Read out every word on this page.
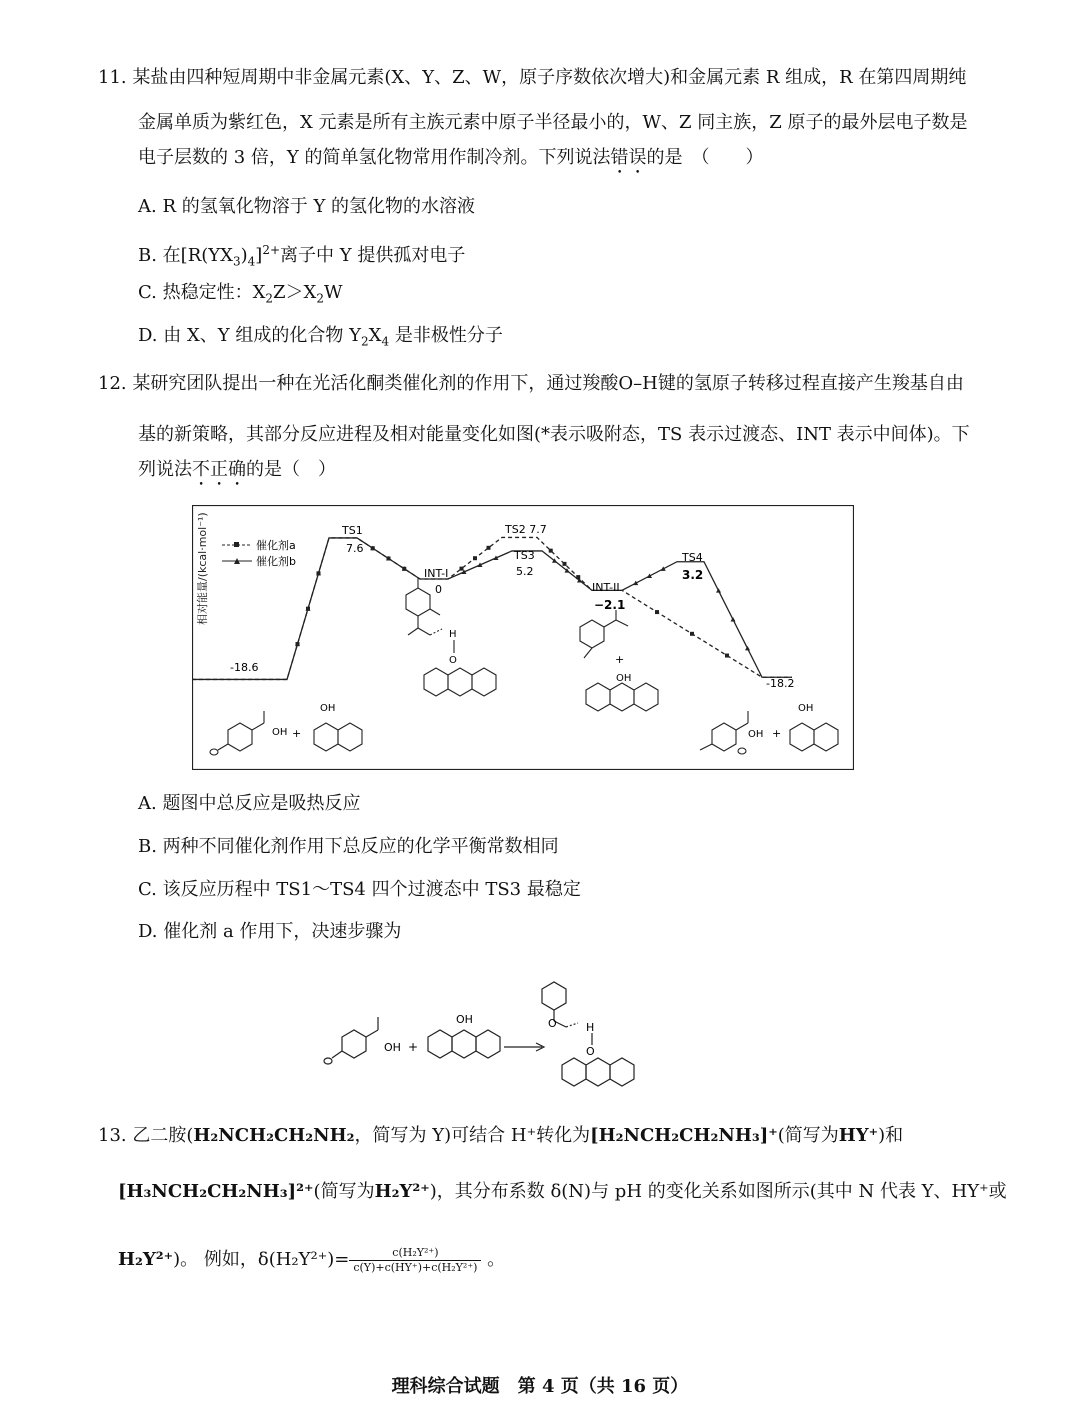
11. 某盐由四种短周期中非金属元素(X、Y、Z、W，原子序数依次增大)和金属元素 R 组成，R 在第四周期纯
金属单质为紫红色，X 元素是所有主族元素中原子半径最小的，W、Z 同主族，Z 原子的最外层电子数是
电子层数的 3 倍，Y 的简单氢化物常用作制冷剂。下列说法错误的是　（　　）
A. R 的氢氧化物溶于 Y 的氢化物的水溶液
B. 在$[R(YX_3)_4]^{2+}$离子中 Y 提供孤对电子
C. 热稳定性：$X_2Z>X_2W$
D. 由 X、Y 组成的化合物 $Y_2X_4$ 是非极性分子
12. 某研究团队提出一种在光活化酮类催化剂的作用下，通过羧酸O–H键的氢原子转移过程直接产生羧基自由
基的新策略，其部分反应进程及相对能量变化如图(*表示吸附态，TS 表示过渡态、INT 表示中间体)。下
列说法不正确的是（　）
相对能量/(kcal·mol⁻¹)	催化剂a
催化剂b
TS1
7.6
TS2 7.7
TS3
5.2
INT-I
0	INT-II
−2.1
TS4
3.2
-18.6
-18.2
H
O	+
OH
OH +
OH
OH +
OH
A. 题图中总反应是吸热反应
B. 两种不同催化剂作用下总反应的化学平衡常数相同
C. 该反应历程中 TS1～TS4 四个过渡态中 TS3 最稳定
D. 催化剂 a 作用下，决速步骤为
OH +
OH
H
O
O
13. 乙二胺(H₂NCH₂CH₂NH₂，简写为 Y)可结合 H⁺转化为[H₂NCH₂CH₂NH₃]⁺(简写为HY⁺)和
[H₃NCH₂CH₂NH₃]²⁺(简写为H₂Y²⁺)，其分布系数 δ(N)与 pH 的变化关系如图所示(其中 N 代表 Y、HY⁺或
H₂Y²⁺)。 例如，$\delta(H_2Y^{2+})= \frac{\text{c(H₂Y²⁺)}}{\text{c(Y)+c(HY⁺)+c(H₂Y²⁺)}}$ 。
理科综合试题　第 4 页（共 16 页）
